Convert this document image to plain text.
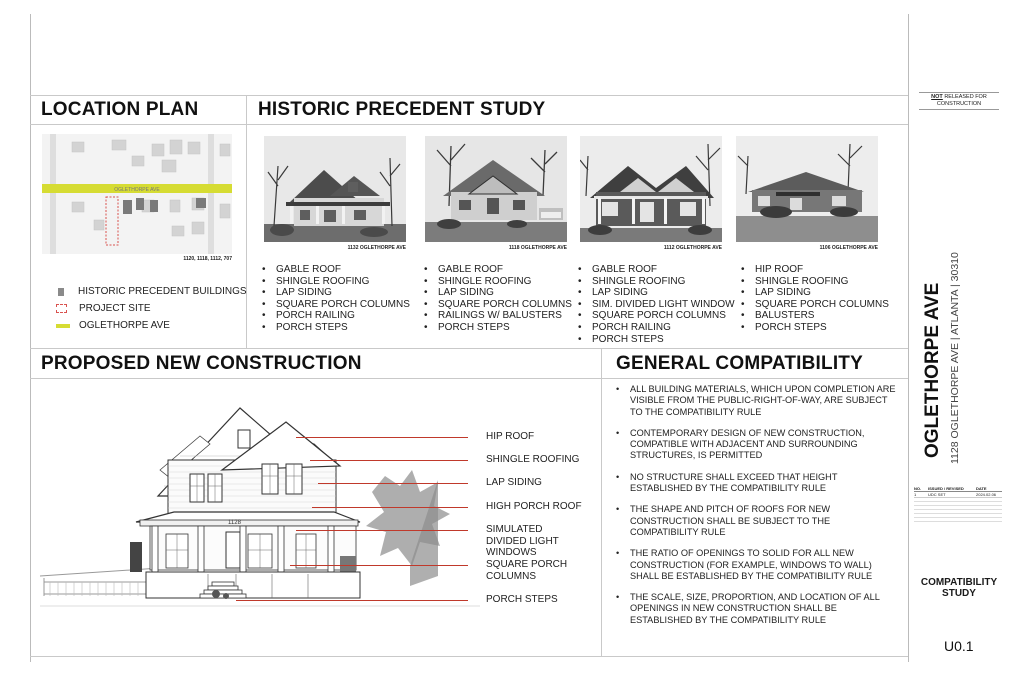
LOCATION PLAN
OGLETHORPE AVE
1120, 1118, 1112, 707
HISTORIC PRECEDENT BUILDINGS
PROJECT SITE
OGLETHORPE AVE
HISTORIC PRECEDENT STUDY
1132 OGLETHORPE AVE	1118 OGLETHORPE AVE	1112 OGLETHORPE AVE	1106 OGLETHORPE AVE
• GABLE ROOF
• SHINGLE ROOFING
• LAP SIDING
• SQUARE PORCH COLUMNS
• PORCH RAILING
• PORCH STEPS
• GABLE ROOF
• SHINGLE ROOFING
• LAP SIDING
• SQUARE PORCH COLUMNS
• RAILINGS W/ BALUSTERS
• PORCH STEPS
• GABLE ROOF
• SHINGLE ROOFING
• LAP SIDING
• SIM. DIVIDED LIGHT WINDOW
• SQUARE PORCH COLUMNS
• PORCH RAILING
• PORCH STEPS
• HIP ROOF
• SHINGLE ROOFING
• LAP SIDING
• SQUARE PORCH COLUMNS
• BALUSTERS
• PORCH STEPS
PROPOSED NEW CONSTRUCTION
1128
HIP ROOF
SHINGLE ROOFING
LAP SIDING
HIGH PORCH ROOF
SIMULATED DIVIDED LIGHT WINDOWS
SQUARE PORCH COLUMNS
PORCH STEPS
GENERAL COMPATIBILITY
• ALL BUILDING MATERIALS, WHICH UPON COMPLETION ARE VISIBLE FROM THE PUBLIC-RIGHT-OF-WAY, ARE SUBJECT TO THE COMPATIBILITY RULE
• CONTEMPORARY DESIGN OF NEW CONSTRUCTION, COMPATIBLE WITH ADJACENT AND SURROUNDING STRUCTURES, IS PERMITTED
• NO STRUCTURE SHALL EXCEED THAT HEIGHT ESTABLISHED BY THE COMPATIBILITY RULE
• THE SHAPE AND PITCH OF ROOFS FOR NEW CONSTRUCTION SHALL BE SUBJECT TO THE COMPATIBILITY RULE
• THE RATIO OF OPENINGS TO SOLID FOR ALL NEW CONSTRUCTION (FOR EXAMPLE, WINDOWS TO WALL) SHALL BE ESTABLISHED BY THE COMPATIBILITY RULE
• THE SCALE, SIZE, PROPORTION, AND LOCATION OF ALL OPENINGS IN NEW CONSTRUCTION SHALL BE ESTABLISHED BY THE COMPATIBILITY RULE
NOT RELEASED FOR
CONSTRUCTION
OGLETHORPE AVE 1128 OGLETHORPE AVE | ATLANTA | 30310
NO.	ISSUED / REVISED	DATE
1	UDC SET	2024.02.06
COMPATIBILITY STUDY
U0.1
